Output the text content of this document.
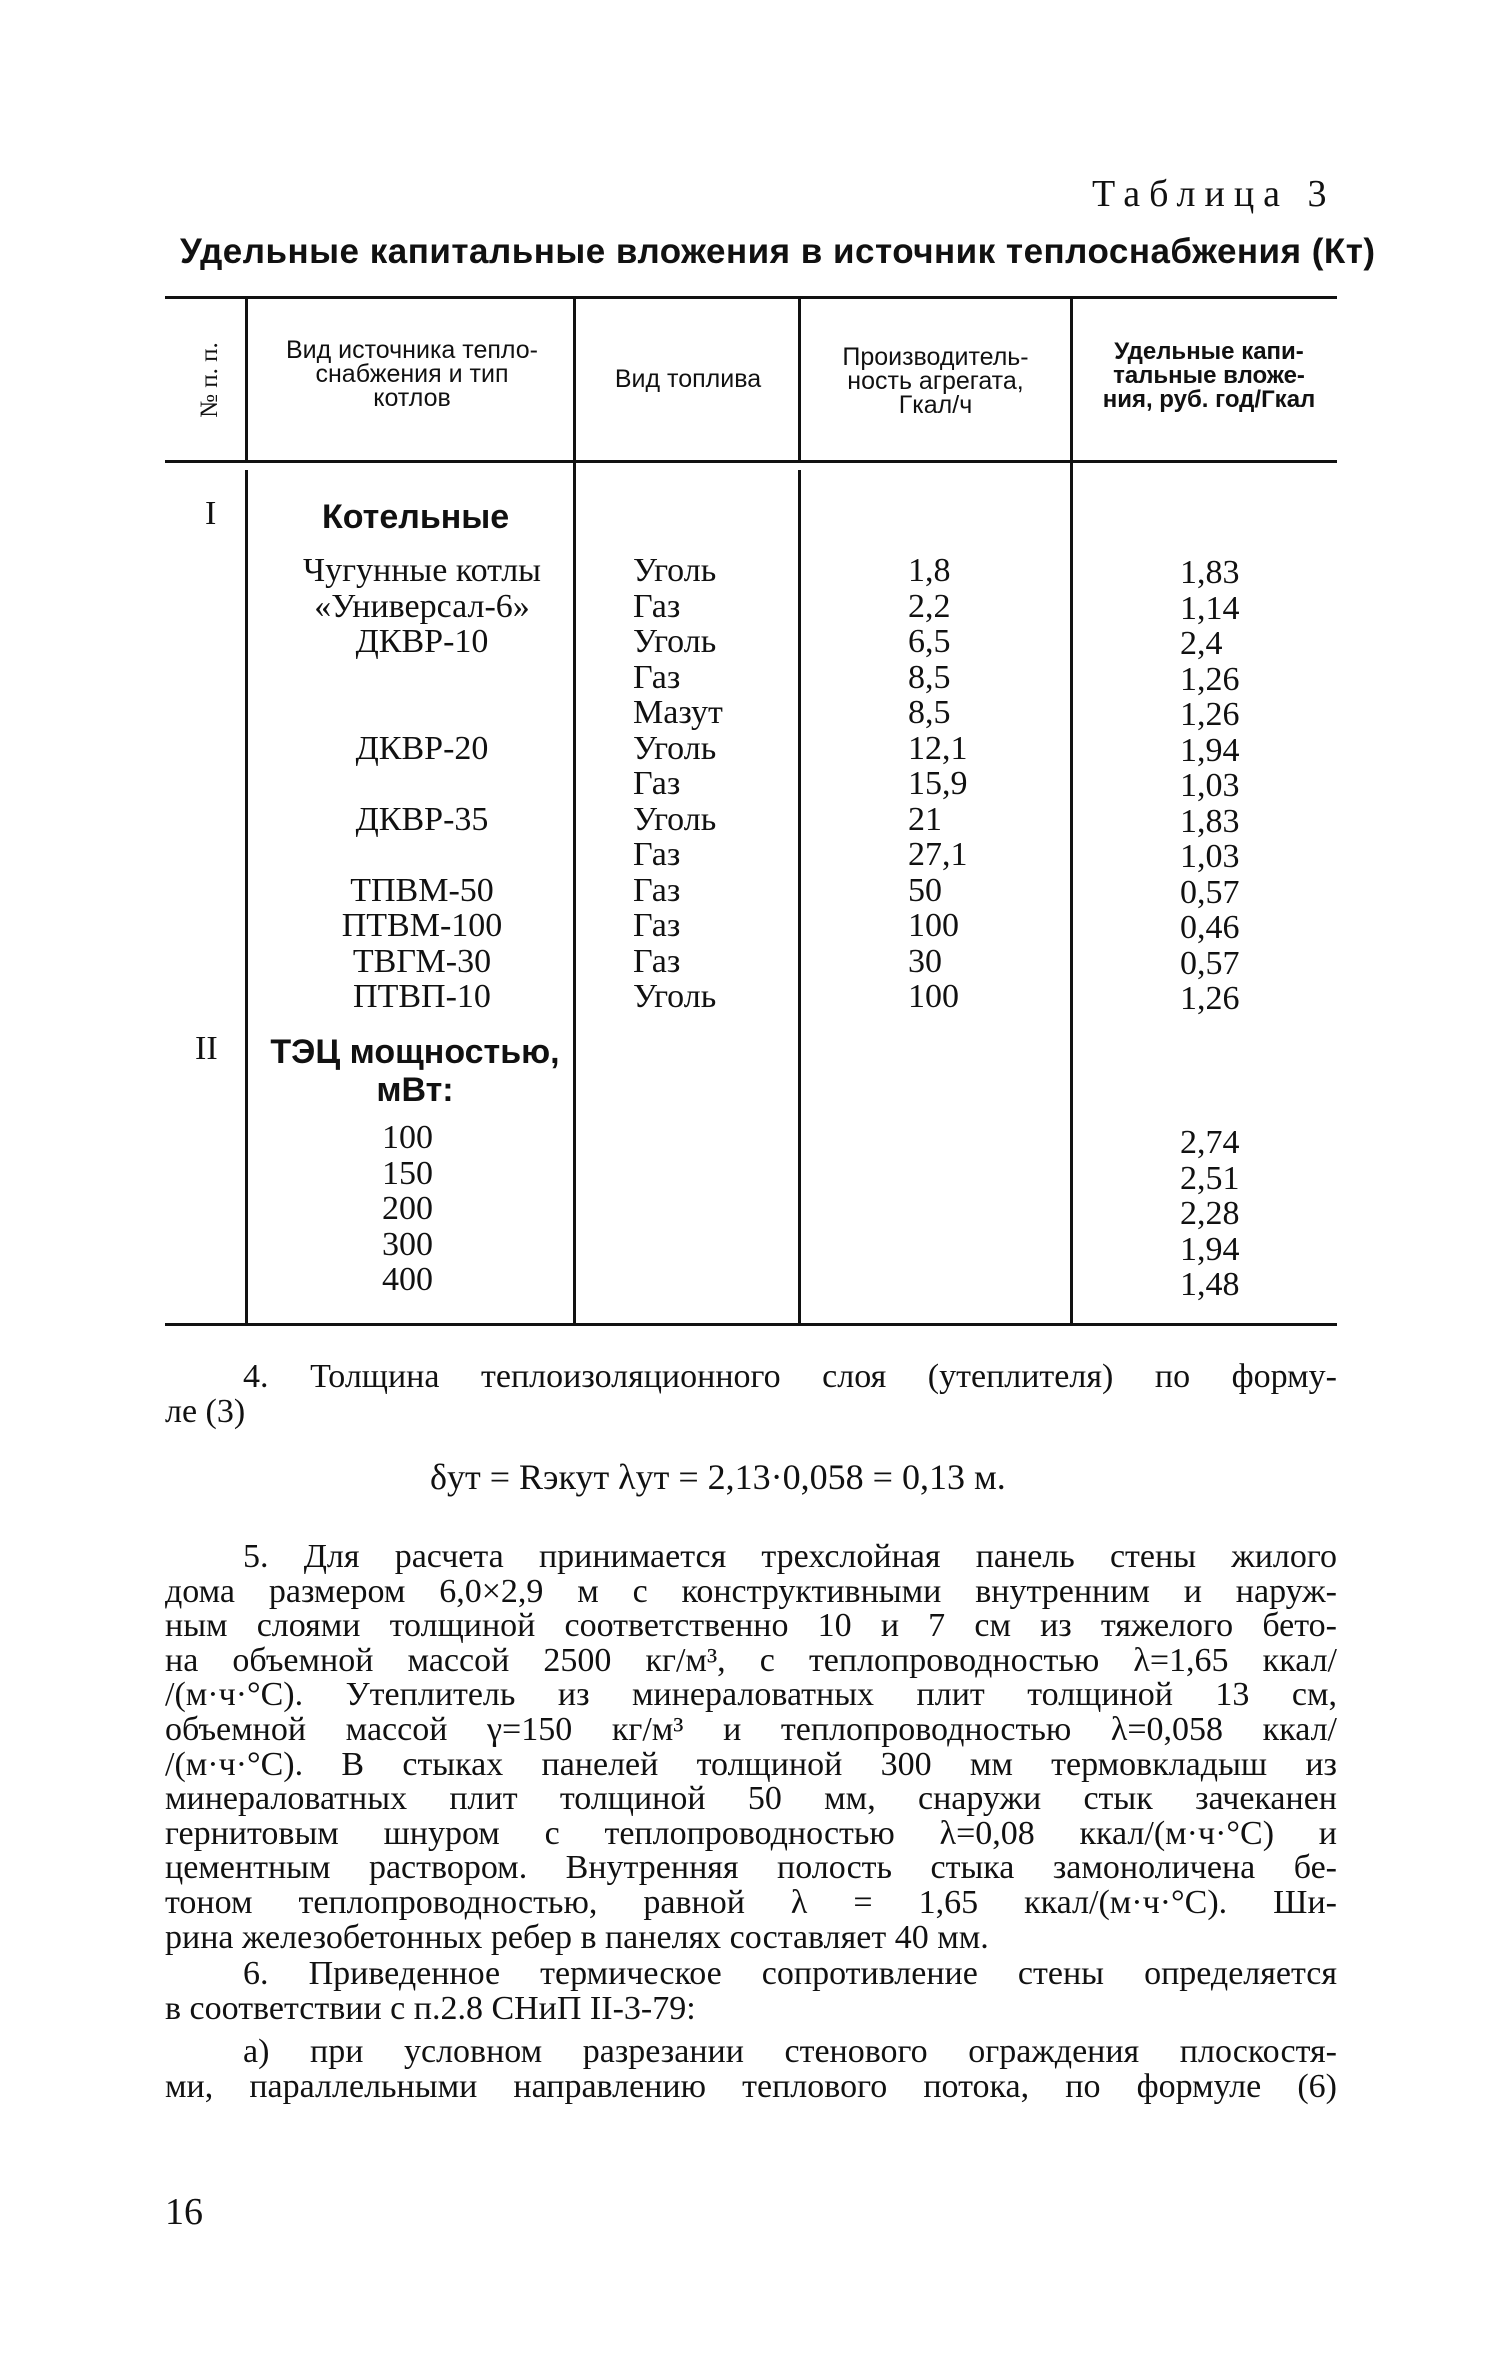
Таблица 3
Удельные капитальные вложения в источник теплоснабжения (Кт)
№ п. п.	Вид источника тепло-
снабжения и тип
котлов
Вид топлива
Производитель-
ность агрегата,
Гкал/ч
Удельные капи-
тальные вложе-
ния, руб. год/Гкал
I	Котельные
Чугунные котлы
«Универсал-6»
ДКВР-10
ДКВР-20
ДКВР-35
ТПВМ-50
ПТВМ-100
ТВГМ-30
ПТВП-10
Уголь
Газ
Уголь
Газ
Мазут
Уголь
Газ
Уголь
Газ
Газ
Газ
Газ
Уголь
1,8
2,2
6,5
8,5
8,5
12,1
15,9
21
27,1
50
100
30
100
1,83
1,14
2,4
1,26
1,26
1,94
1,03
1,83
1,03
0,57
0,46
0,57
1,26
II ТЭЦ мощностью,
мВт:
100
150
200
300
400
2,74
2,51
2,28
1,94
1,48
4. Толщина теплоизоляционного слоя (утеплителя) по форму-
ле (3)
δут = Rэкут λут = 2,13·0,058 = 0,13 м.
5. Для расчета принимается трехслойная панель стены жилого
дома размером 6,0×2,9 м с конструктивными внутренним и наруж-
ным слоями толщиной соответственно 10 и 7 см из тяжелого бето-
на объемной массой 2500 кг/м³, с теплопроводностью λ=1,65 ккал/
/(м·ч·°С). Утеплитель из минераловатных плит толщиной 13 см,
объемной массой γ=150 кг/м³ и теплопроводностью λ=0,058 ккал/
/(м·ч·°С). В стыках панелей толщиной 300 мм термовкладыш из
минераловатных плит толщиной 50 мм, снаружи стык зачеканен
гернитовым шнуром с теплопроводностью λ=0,08 ккал/(м·ч·°С) и
цементным раствором. Внутренняя полость стыка замоноличена бе-
тоном теплопроводностью, равной λ = 1,65 ккал/(м·ч·°С). Ши-
рина железобетонных ребер в панелях составляет 40 мм.
6. Приведенное термическое сопротивление стены определяется
в соответствии с п.2.8 СНиП II-3-79:
а) при условном разрезании стенового ограждения плоскостя-
ми, параллельными направлению теплового потока, по формуле (6)
16
